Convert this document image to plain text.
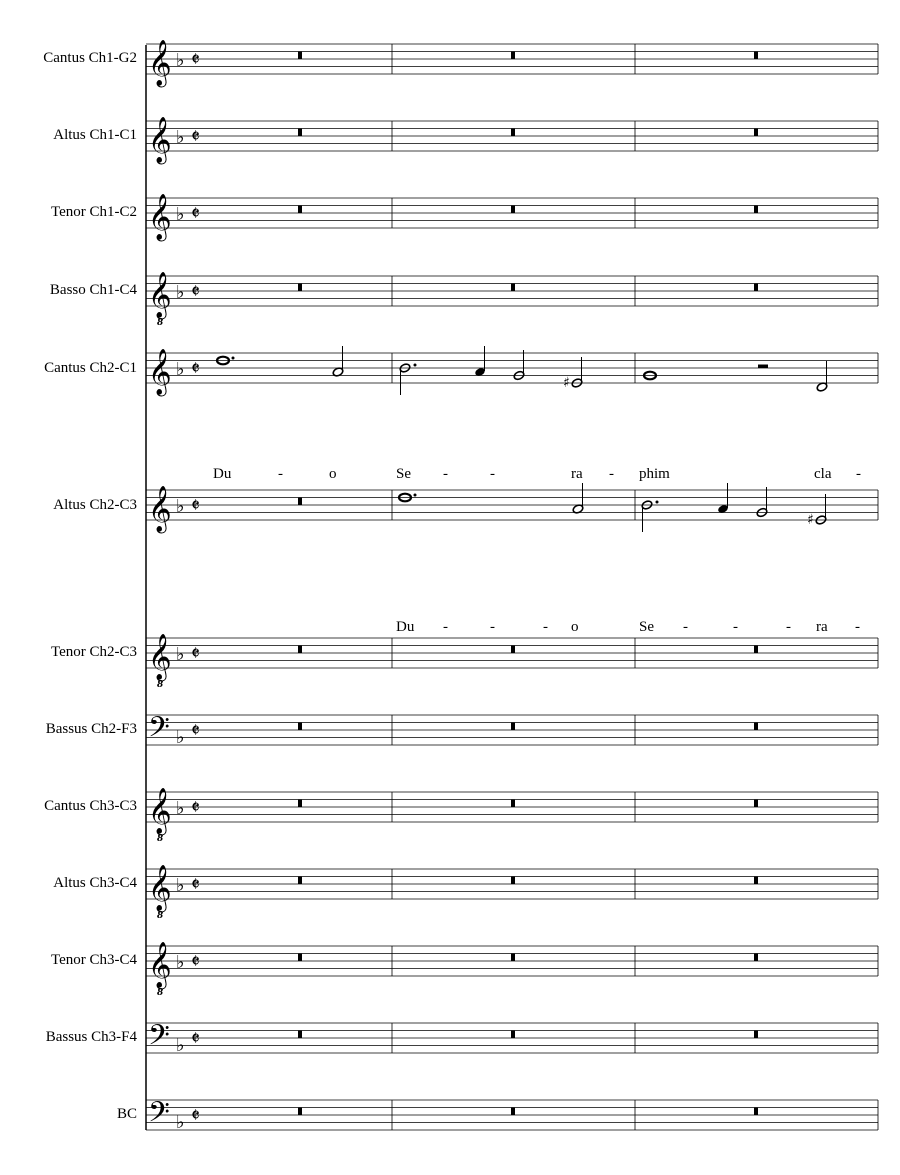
Cantus Ch1-G2 𝄞 ♭ 𝄵
Altus Ch1-C1 𝄞 ♭ 𝄵
Tenor Ch1-C2 𝄞 ♭ 𝄵
Basso Ch1-C4 𝄞
8
♭ 𝄵
Cantus Ch2-C1 𝄞 ♭ 𝄵
♯
Du	-	o	Se -	-	ra - phim	cla -
Altus Ch2-C3 𝄞 ♭ 𝄵
♯
Du -	-	- o	Se -	-	- ra -
Tenor Ch2-C3 𝄞
8
♭ 𝄵
Bassus Ch2-F3 𝄢 ♭ 𝄵
Cantus Ch3-C3 𝄞
8
♭ 𝄵
Altus Ch3-C4 𝄞
8
♭ 𝄵
Tenor Ch3-C4 𝄞
8
♭ 𝄵
Bassus Ch3-F4 𝄢 ♭ 𝄵
BC 𝄢 ♭ 𝄵
